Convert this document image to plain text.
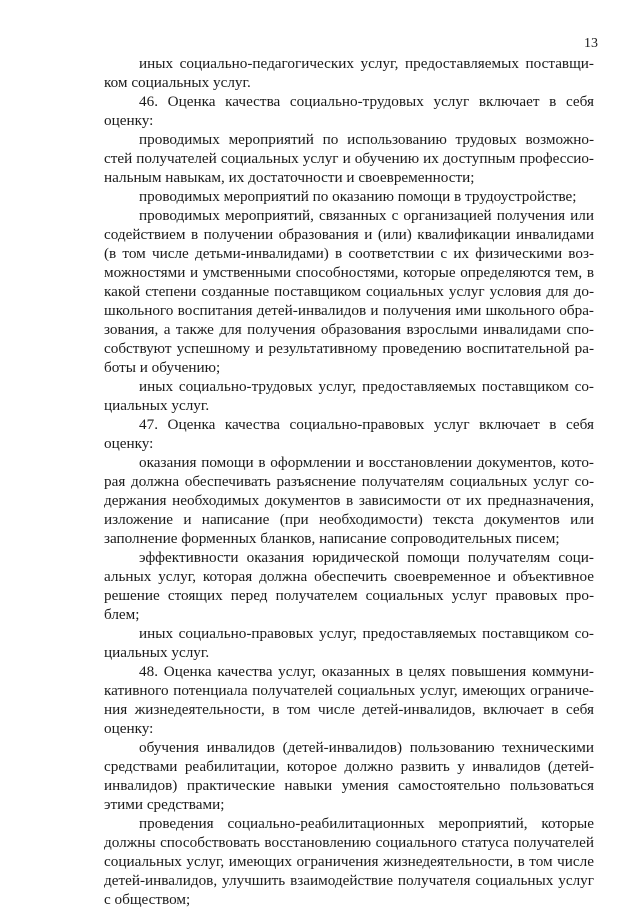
13
иных социально-педагогических услуг, предоставляемых поставщи-
ком социальных услуг.
46. Оценка качества социально-трудовых услуг включает в себя
оценку:
проводимых мероприятий по использованию трудовых возможно-
стей получателей социальных услуг и обучению их доступным профессио-
нальным навыкам, их достаточности и своевременности;
проводимых мероприятий по оказанию помощи в трудоустройстве;
проводимых мероприятий, связанных с организацией получения или
содействием в получении образования и (или) квалификации инвалидами
(в том числе детьми-инвалидами) в соответствии с их физическими воз-
можностями и умственными способностями, которые определяются тем, в
какой степени созданные поставщиком социальных услуг условия для до-
школьного воспитания детей-инвалидов и получения ими школьного обра-
зования, а также для получения образования взрослыми инвалидами спо-
собствуют успешному и результативному проведению воспитательной ра-
боты и обучению;
иных социально-трудовых услуг, предоставляемых поставщиком со-
циальных услуг.
47. Оценка качества социально-правовых услуг включает в себя
оценку:
оказания помощи в оформлении и восстановлении документов, кото-
рая должна обеспечивать разъяснение получателям социальных услуг со-
держания необходимых документов в зависимости от их предназначения,
изложение и написание (при необходимости) текста документов или
заполнение форменных бланков, написание сопроводительных писем;
эффективности оказания юридической помощи получателям соци-
альных услуг, которая должна обеспечить своевременное и объективное
решение стоящих перед получателем социальных услуг правовых про-
блем;
иных социально-правовых услуг, предоставляемых поставщиком со-
циальных услуг.
48. Оценка качества услуг, оказанных в целях повышения коммуни-
кативного потенциала получателей социальных услуг, имеющих ограниче-
ния жизнедеятельности, в том числе детей-инвалидов, включает в себя
оценку:
обучения инвалидов (детей-инвалидов) пользованию техническими
средствами реабилитации, которое должно развить у инвалидов (детей-
инвалидов) практические навыки умения самостоятельно пользоваться
этими средствами;
проведения социально-реабилитационных мероприятий, которые
должны способствовать восстановлению социального статуса получателей
социальных услуг, имеющих ограничения жизнедеятельности, в том числе
детей-инвалидов, улучшить взаимодействие получателя социальных услуг
с обществом;
